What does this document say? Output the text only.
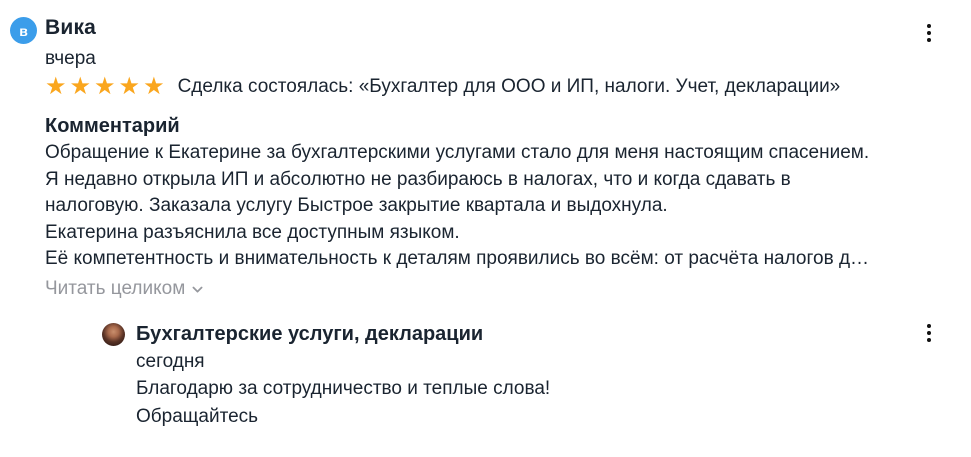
в Вика
вчера
★★★★★ Сделка состоялась: «Бухгалтер для ООО и ИП, налоги. Учет, декларации»
Комментарий
Обращение к Екатерине за бухгалтерскими услугами стало для меня настоящим спасением.
Я недавно открыла ИП и абсолютно не разбираюсь в налогах, что и когда сдавать в
налоговую. Заказала услугу Быстрое закрытие квартала и выдохнула.
Екатерина разъяснила все доступным языком.
Её компетентность и внимательность к деталям проявились во всём: от расчёта налогов д…
Читать целиком
Бухгалтерские услуги, декларации
сегодня
Благодарю за сотрудничество и теплые слова!
Обращайтесь
